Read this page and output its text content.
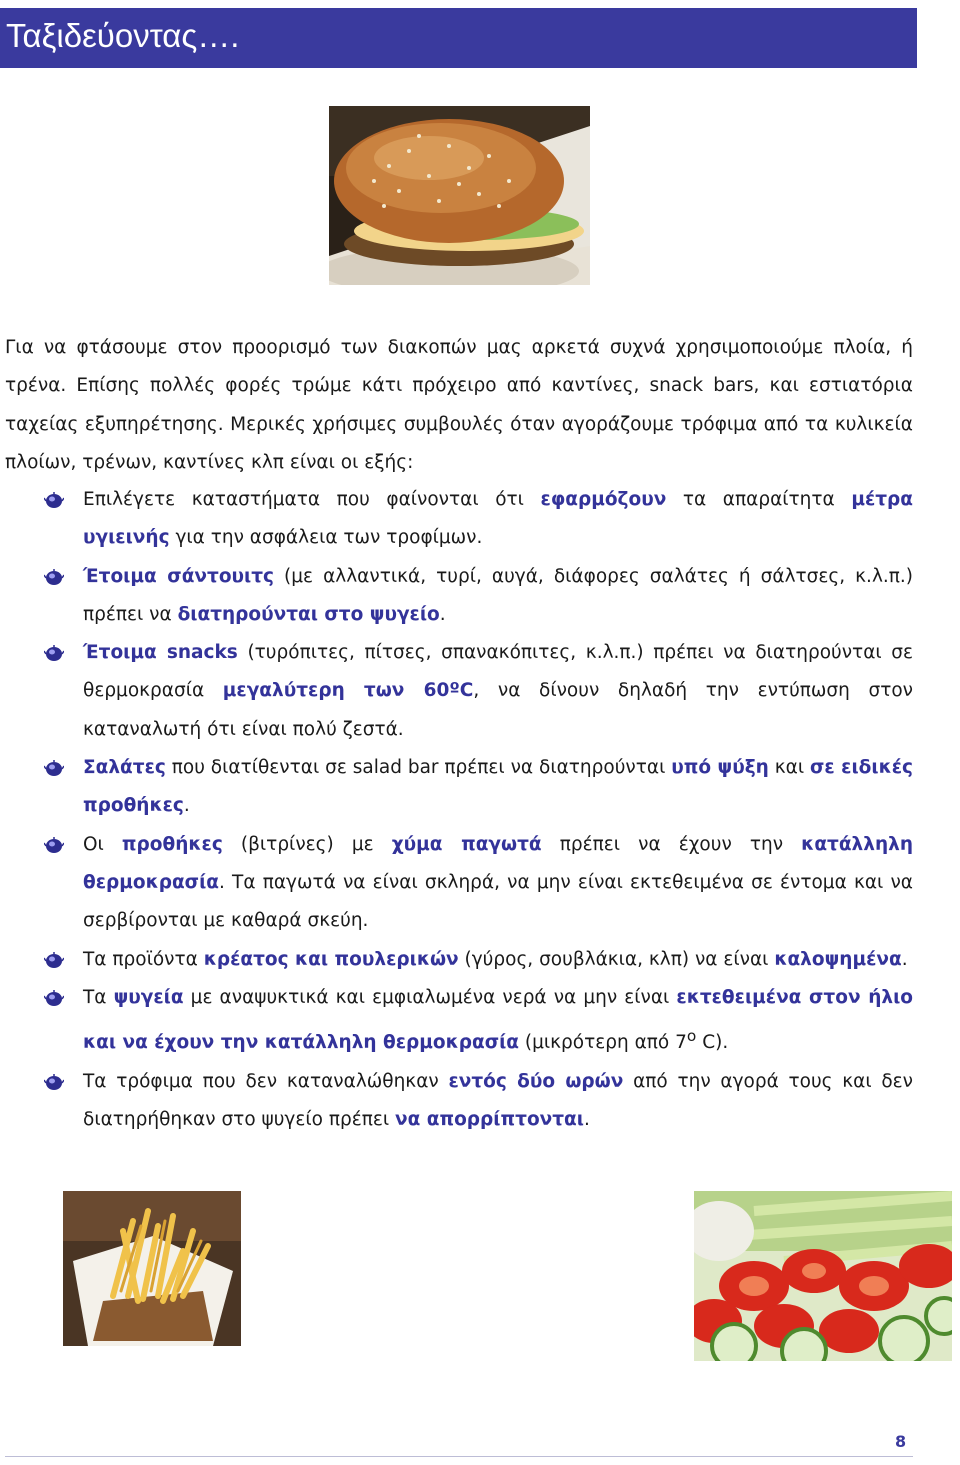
Ταξιδεύοντας….
Για να φτάσουμε στον προορισμό των διακοπών μας αρκετά συχνά χρησιμοποιούμε πλοία, ή τρένα. Επίσης πολλές φορές τρώμε κάτι πρόχειρο από καντίνες, snack bars, και εστιατόρια ταχείας εξυπηρέτησης. Μερικές χρήσιμες συμβουλές όταν αγοράζουμε τρόφιμα από τα κυλικεία πλοίων, τρένων, καντίνες κλπ είναι οι εξής:
Επιλέγετε καταστήματα που φαίνονται ότι εφαρμόζουν τα απαραίτητα μέτρα υγιεινής για την ασφάλεια των τροφίμων.
Έτοιμα σάντουιτς (με αλλαντικά, τυρί, αυγά, διάφορες σαλάτες ή σάλτσες, κ.λ.π.) πρέπει να διατηρούνται στο ψυγείο.
Έτοιμα snacks (τυρόπιτες, πίτσες, σπανακόπιτες, κ.λ.π.) πρέπει να διατηρούνται σε θερμοκρασία μεγαλύτερη των 60ºC, να δίνουν δηλαδή την εντύπωση στον καταναλωτή ότι είναι πολύ ζεστά.
Σαλάτες που διατίθενται σε salad bar πρέπει να διατηρούνται υπό ψύξη και σε ειδικές προθήκες.
Οι προθήκες (βιτρίνες) με χύμα παγωτά πρέπει να έχουν την κατάλληλη θερμοκρασία. Τα παγωτά να είναι σκληρά, να μην είναι εκτεθειμένα σε έντομα και να σερβίρονται με καθαρά σκεύη.
Τα προϊόντα κρέατος και πουλερικών (γύρος, σουβλάκια, κλπ) να είναι καλοψημένα.
Τα ψυγεία με αναψυκτικά και εμφιαλωμένα νερά να μην είναι εκτεθειμένα στον ήλιο και να έχουν την κατάλληλη θερμοκρασία (μικρότερη από $7^o$ C).
Τα τρόφιμα που δεν καταναλώθηκαν εντός δύο ωρών από την αγορά τους και δεν διατηρήθηκαν στο ψυγείο πρέπει να απορρίπτονται.
8
